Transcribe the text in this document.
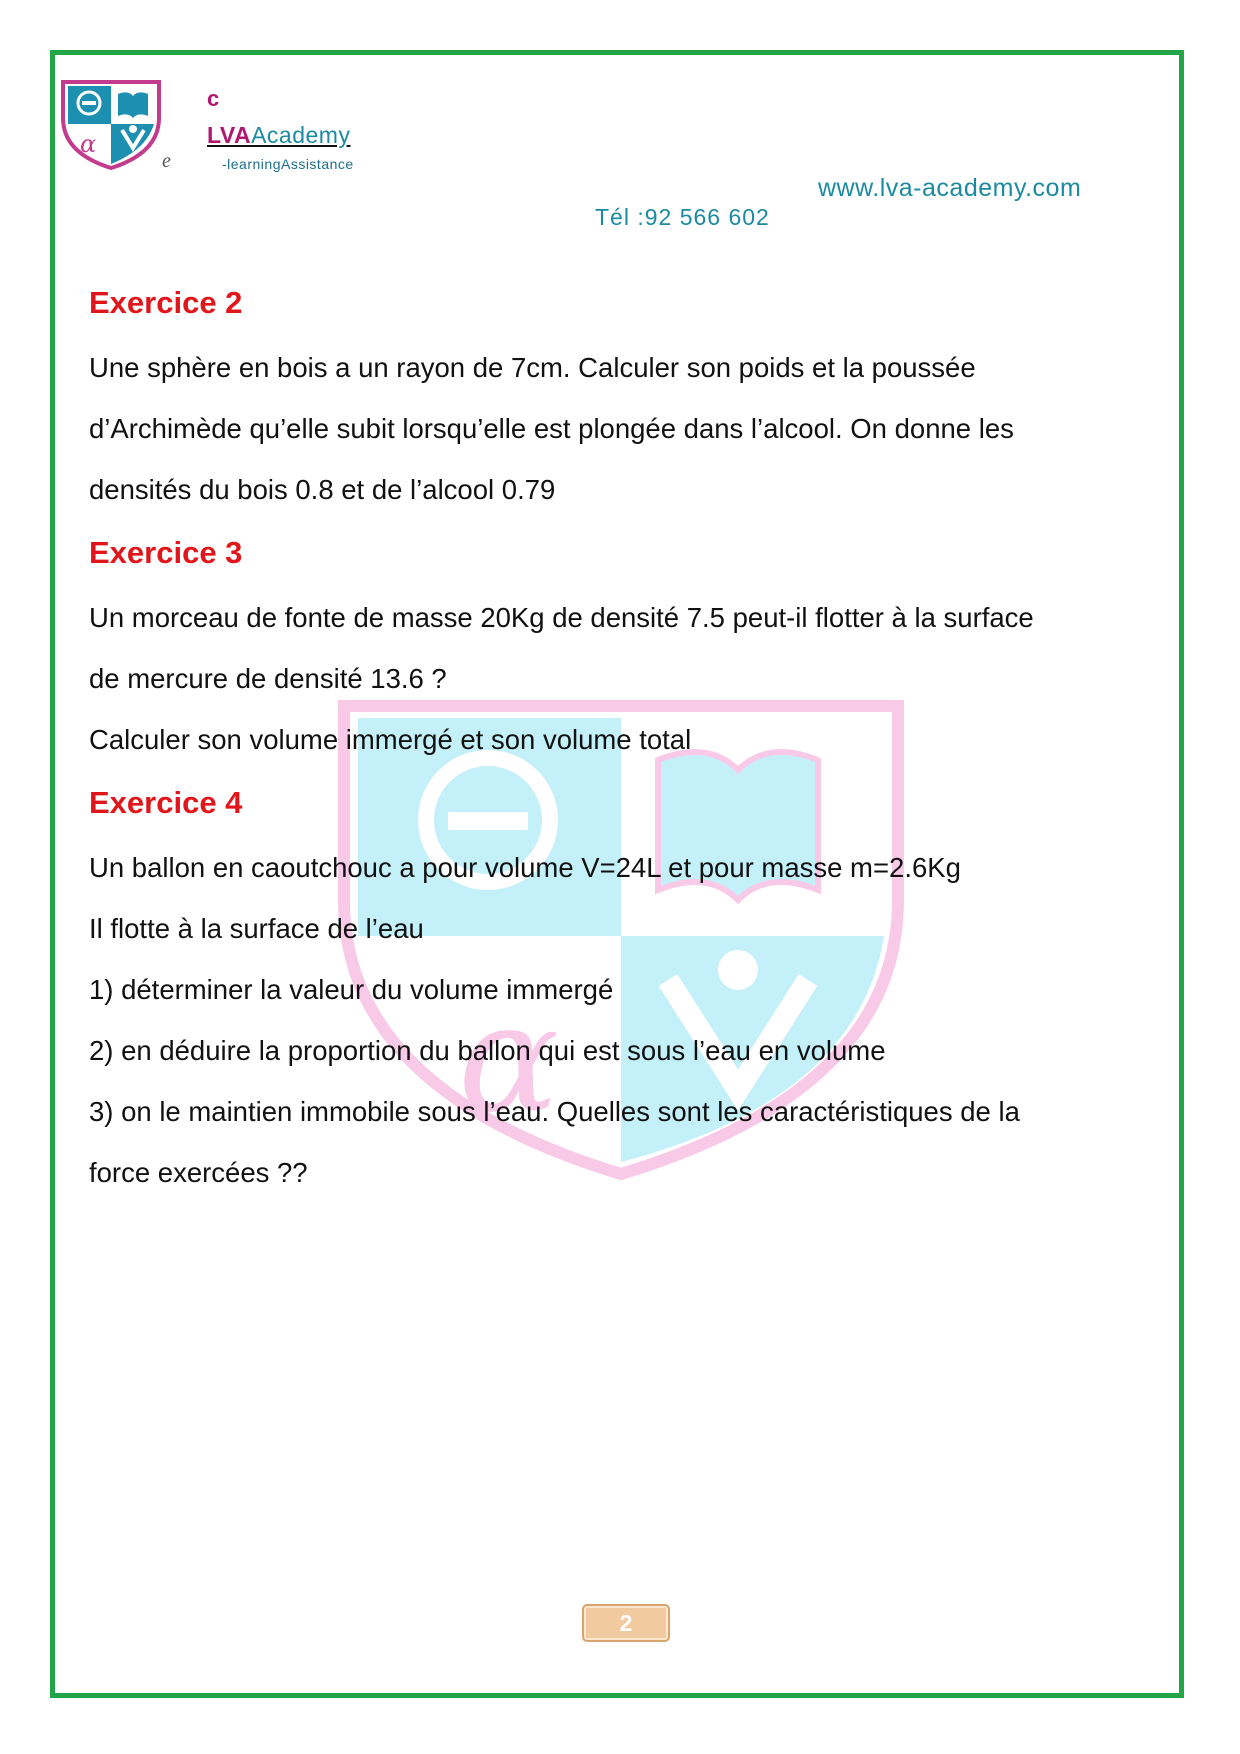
α
c
LVAAcademy
e	-learningAssistance
www.lva-academy.com
Tél :92 566 602
α
Exercice 2
Une sphère en bois a un rayon de 7cm. Calculer son poids et la poussée
d’Archimède qu’elle subit lorsqu’elle est plongée dans l’alcool. On donne les
densités du bois 0.8 et de l’alcool 0.79
Exercice 3
Un morceau de fonte de masse 20Kg de densité 7.5 peut-il flotter à la surface
de mercure de densité 13.6 ?
Calculer son volume immergé et son volume total
Exercice 4
Un ballon en caoutchouc a pour volume V=24L et pour masse m=2.6Kg
Il flotte à la surface de l’eau
1) déterminer la valeur du volume immergé
2) en déduire la proportion du ballon qui est sous l’eau en volume
3) on le maintien immobile sous l’eau. Quelles sont les caractéristiques de la
force exercées ??
2
